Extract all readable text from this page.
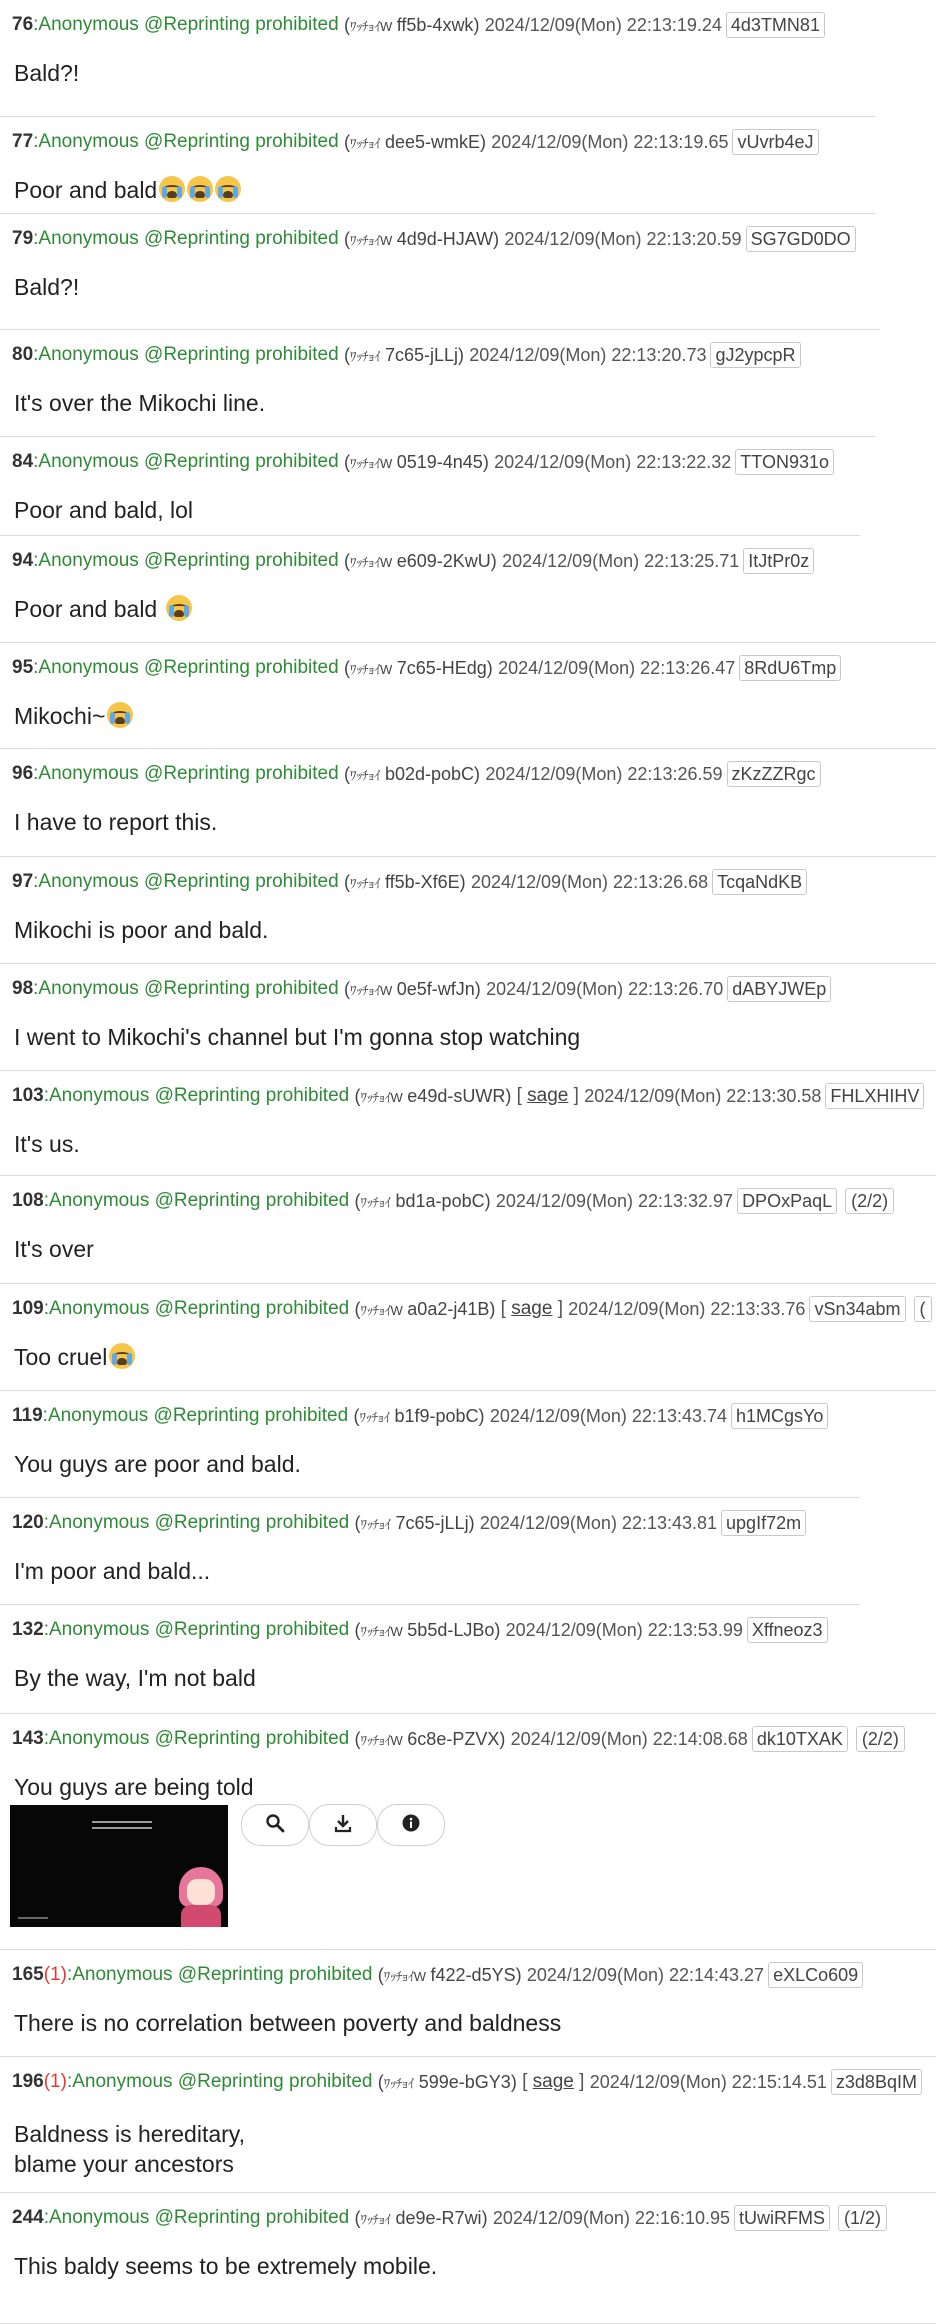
76 : Anonymous @Reprinting prohibited
(ﾜｯﾁｮｲW ff5b-4xwk)
2024/12/09(Mon) 22:13:19.24 4d3TMN81
Bald?!
77 : Anonymous @Reprinting prohibited
(ﾜｯﾁｮｲ dee5-wmkE)
2024/12/09(Mon) 22:13:19.65 vUvrb4eJ
Poor and bald
79 : Anonymous @Reprinting prohibited
(ﾜｯﾁｮｲW 4d9d-HJAW)
2024/12/09(Mon) 22:13:20.59 SG7GD0DO
Bald?!
80 : Anonymous @Reprinting prohibited
(ﾜｯﾁｮｲ 7c65-jLLj)
2024/12/09(Mon) 22:13:20.73 gJ2ypcpR
It's over the Mikochi line.
84 : Anonymous @Reprinting prohibited
(ﾜｯﾁｮｲW 0519-4n45)
2024/12/09(Mon) 22:13:22.32 TTON931o
Poor and bald, lol
94 : Anonymous @Reprinting prohibited
(ﾜｯﾁｮｲW e609-2KwU)
2024/12/09(Mon) 22:13:25.71 ItJtPr0z
Poor and bald
95 : Anonymous @Reprinting prohibited
(ﾜｯﾁｮｲW 7c65-HEdg)
2024/12/09(Mon) 22:13:26.47 8RdU6Tmp
Mikochi~
96 : Anonymous @Reprinting prohibited
(ﾜｯﾁｮｲ b02d-pobC)
2024/12/09(Mon) 22:13:26.59 zKzZZRgc
I have to report this.
97 : Anonymous @Reprinting prohibited
(ﾜｯﾁｮｲ ff5b-Xf6E)
2024/12/09(Mon) 22:13:26.68 TcqaNdKB
Mikochi is poor and bald.
98 : Anonymous @Reprinting prohibited
(ﾜｯﾁｮｲW 0e5f-wfJn)
2024/12/09(Mon) 22:13:26.70 dABYJWEp
I went to Mikochi's channel but I'm gonna stop watching
103 : Anonymous @Reprinting prohibited
(ﾜｯﾁｮｲW e49d-sUWR) [ sage ]
2024/12/09(Mon) 22:13:30.58 FHLXHIHV
It's us.
108 : Anonymous @Reprinting prohibited
(ﾜｯﾁｮｲ bd1a-pobC)
2024/12/09(Mon) 22:13:32.97 DPOxPaqL	(2/2)
It's over
109 : Anonymous @Reprinting prohibited
(ﾜｯﾁｮｲW a0a2-j41B) [ sage ]
2024/12/09(Mon) 22:13:33.76 vSn34abm	(
Too cruel
119 : Anonymous @Reprinting prohibited
(ﾜｯﾁｮｲ b1f9-pobC)
2024/12/09(Mon) 22:13:43.74 h1MCgsYo
You guys are poor and bald.
120 : Anonymous @Reprinting prohibited
(ﾜｯﾁｮｲ 7c65-jLLj)
2024/12/09(Mon) 22:13:43.81 upgIf72m
I'm poor and bald...
132 : Anonymous @Reprinting prohibited
(ﾜｯﾁｮｲW 5b5d-LJBo)
2024/12/09(Mon) 22:13:53.99 Xffneoz3
By the way, I'm not bald
143 : Anonymous @Reprinting prohibited
(ﾜｯﾁｮｲW 6c8e-PZVX)
2024/12/09(Mon) 22:14:08.68 dk10TXAK	(2/2)
You guys are being told
165 (1) : Anonymous @Reprinting prohibited
(ﾜｯﾁｮｲW f422-d5YS)
2024/12/09(Mon) 22:14:43.27 eXLCo609
There is no correlation between poverty and baldness
196 (1) : Anonymous @Reprinting prohibited
(ﾜｯﾁｮｲ 599e-bGY3) [ sage ]
2024/12/09(Mon) 22:15:14.51 z3d8BqIM
Baldness is hereditary,
blame your ancestors
244 : Anonymous @Reprinting prohibited
(ﾜｯﾁｮｲ de9e-R7wi)
2024/12/09(Mon) 22:16:10.95 tUwiRFMS	(1/2)
This baldy seems to be extremely mobile.
